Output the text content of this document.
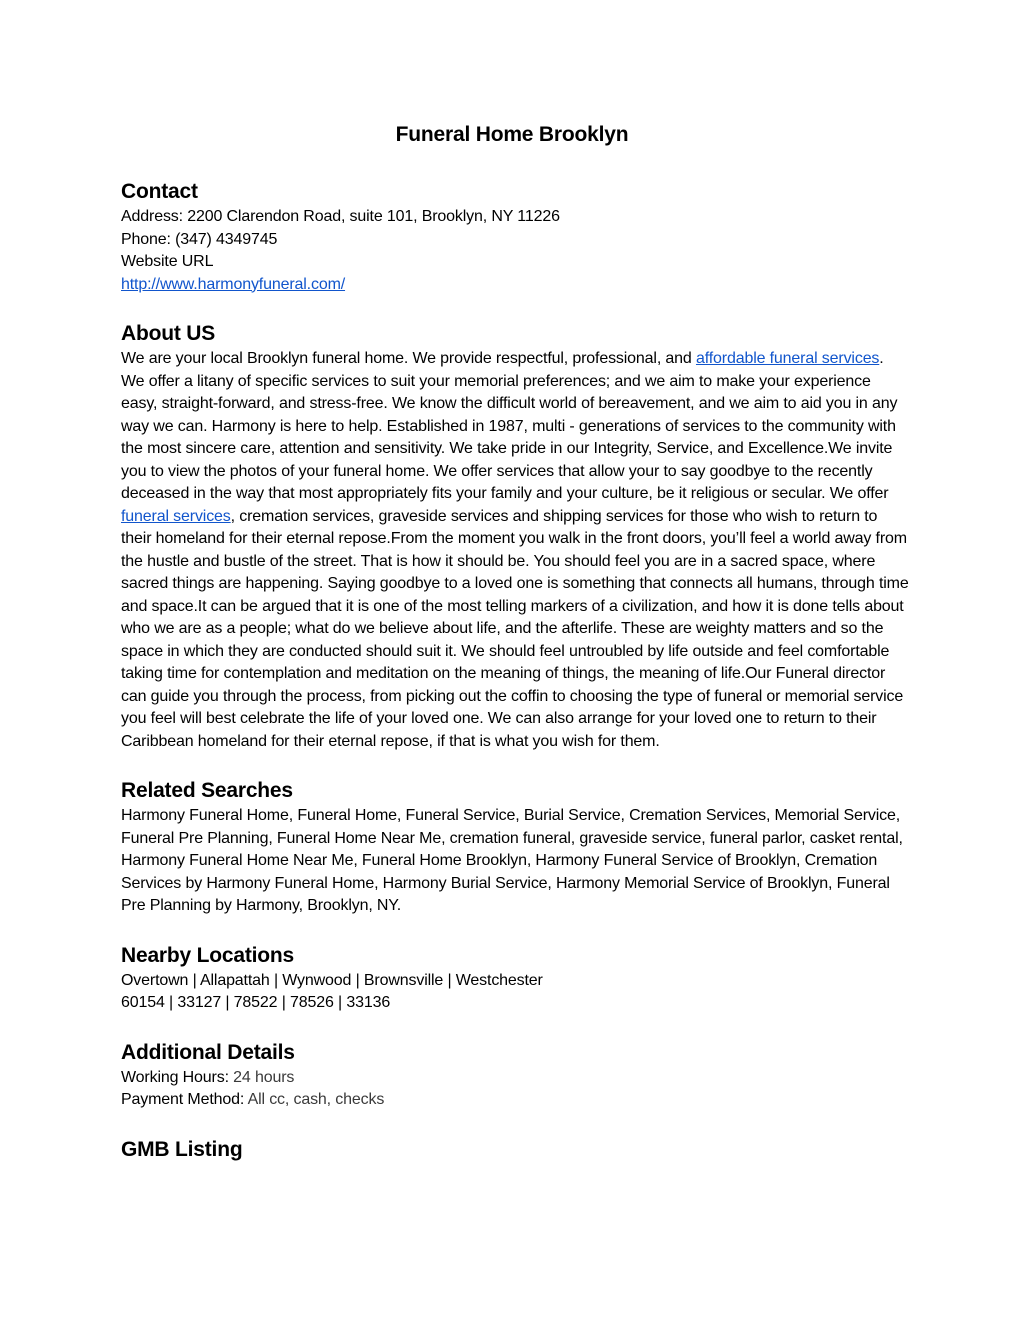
Funeral Home Brooklyn
Contact
Address: 2200 Clarendon Road, suite 101, Brooklyn, NY 11226
Phone: (347) 4349745
Website URL
http://www.harmonyfuneral.com/
About US

We are your local Brooklyn funeral home. We provide respectful, professional, and affordable funeral services. We offer a litany of specific services to suit your memorial preferences; and we aim to make your experience easy, straight-forward, and stress-free. We know the difficult world of bereavement, and we aim to aid you in any way we can. Harmony is here to help. Established in 1987, multi - generations of services to the community with the most sincere care, attention and sensitivity. We take pride in our Integrity, Service, and Excellence.We invite you to view the photos of your funeral home. We offer services that allow your to say goodbye to the recently deceased in the way that most appropriately fits your family and your culture, be it religious or secular. We offer funeral services, cremation services, graveside services and shipping services for those who wish to return to their homeland for their eternal repose.From the moment you walk in the front doors, you’ll feel a world away from the hustle and bustle of the street. That is how it should be. You should feel you are in a sacred space, where sacred things are happening. Saying goodbye to a loved one is something that connects all humans, through time and space.It can be argued that it is one of the most telling markers of a civilization, and how it is done tells about who we are as a people; what do we believe about life, and the afterlife. These are weighty matters and so the space in which they are conducted should suit it. We should feel untroubled by life outside and feel comfortable taking time for contemplation and meditation on the meaning of things, the meaning of life.Our Funeral director can guide you through the process, from picking out the coffin to choosing the type of funeral or memorial service you feel will best celebrate the life of your loved one. We can also arrange for your loved one to return to their Caribbean homeland for their eternal repose, if that is what you wish for them.

Related Searches

Harmony Funeral Home, Funeral Home, Funeral Service, Burial Service, Cremation Services, Memorial Service, Funeral Pre Planning, Funeral Home Near Me, cremation funeral, graveside service, funeral parlor, casket rental, Harmony Funeral Home Near Me, Funeral Home Brooklyn, Harmony Funeral Service of Brooklyn, Cremation Services by Harmony Funeral Home, Harmony Burial Service, Harmony Memorial Service of Brooklyn, Funeral Pre Planning by Harmony, Brooklyn, NY.

Nearby Locations
Overtown | Allapattah | Wynwood | Brownsville | Westchester
60154 | 33127 | 78522 | 78526 | 33136
Additional Details
Working Hours: 24 hours
Payment Method: All cc, cash, checks
GMB Listing
